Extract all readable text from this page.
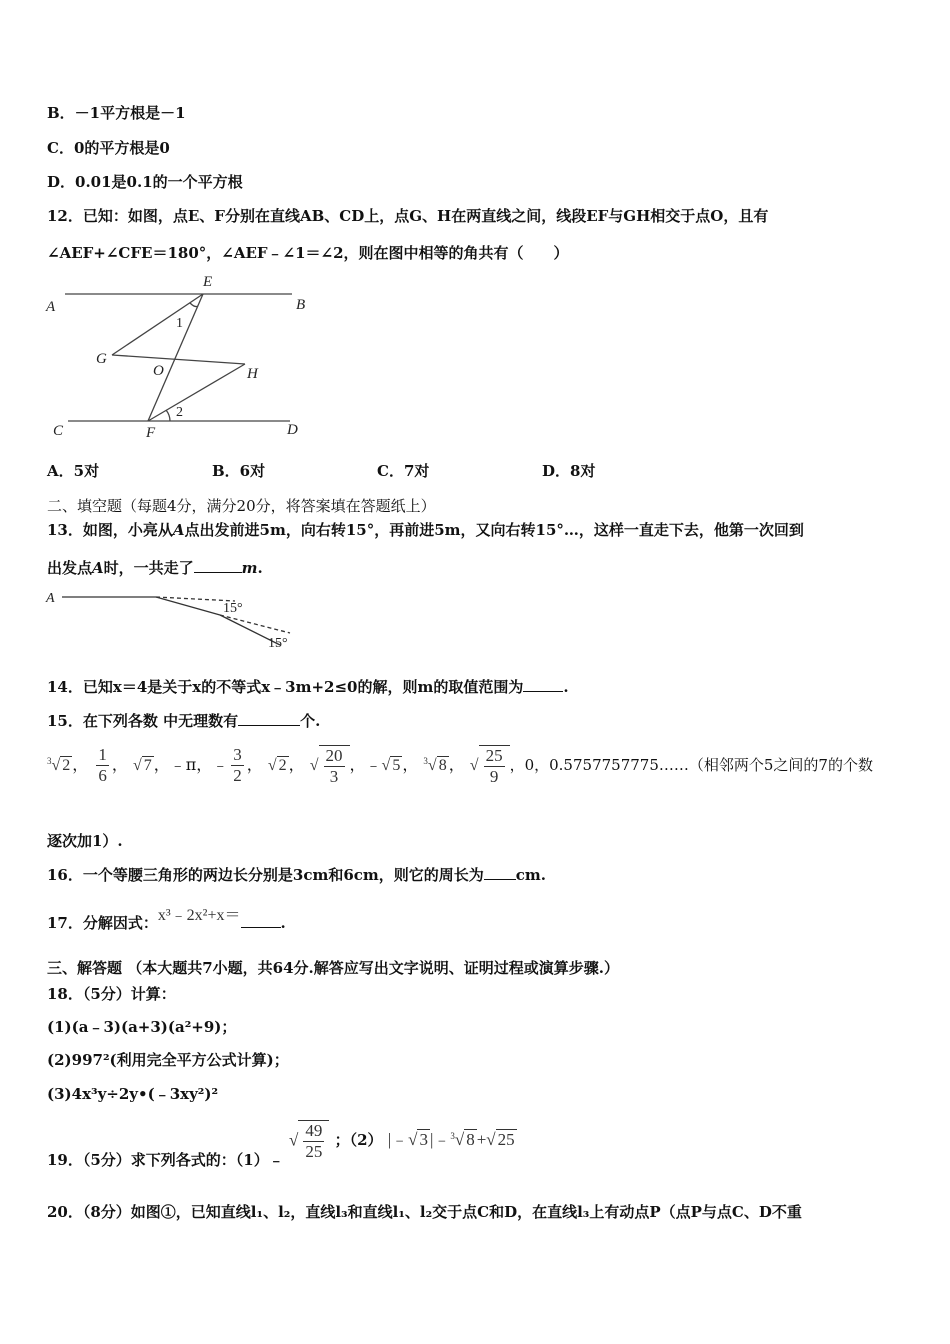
B．－1平方根是－1
C．0的平方根是0
D．0.01是0.1的一个平方根
12．已知：如图，点E、F分别在直线AB、CD上，点G、H在两直线之间，线段EF与GH相交于点O，且有
∠AEF+∠CFE＝180°，∠AEF﹣∠1＝∠2，则在图中相等的角共有（　　）
A	B
E
G
O	H
C	F	D
1
2
A．5对	B．6对	C．7对	D．8对
二、填空题（每题4分，满分20分，将答案填在答题纸上）
13．如图，小亮从A点出发前进5m，向右转15°，再前进5m，又向右转15°…，这样一直走下去，他第一次回到
出发点A时，一共走了	m.
A
15°
15°
14．已知x＝4是关于x的不等式x﹣3m+2≤0的解，则m的取值范围为	.
15．在下列各数 中无理数有	个.
$^3$√ 2 ， $\frac{1}{6}$ ， √ 7 ，﹣π，﹣ $\frac{3}{2}$ ， √ 2 ， √ $\frac{20}{3}$ ，﹣√ 5 ， $^3$√ 8 ， √ $\frac{25}{9}$ ，0，0.5757757775……（相邻两个5之间的7的个数
逐次加1）.
16．一个等腰三角形的两边长分别是3cm和6cm，则它的周长为 cm.
17．分解因式：x³﹣2x²+x＝	.
三、解答题 （本大题共7小题，共64分.解答应写出文字说明、证明过程或演算步骤.）
18．（5分）计算：
(1)(a﹣3)(a+3)(a²+9)；
(2)997²(利用完全平方公式计算)；
(3)4x³y÷2y•(﹣3xy²)²
19．（5分）求下列各式的：（1）﹣ √ $\frac{49}{25}$ ；（2） |﹣√ 3 |﹣$^3$√ 8 +√ 25
20．（8分）如图①，已知直线l₁、l₂，直线l₃和直线l₁、l₂交于点C和D，在直线l₃上有动点P（点P与点C、D不重
